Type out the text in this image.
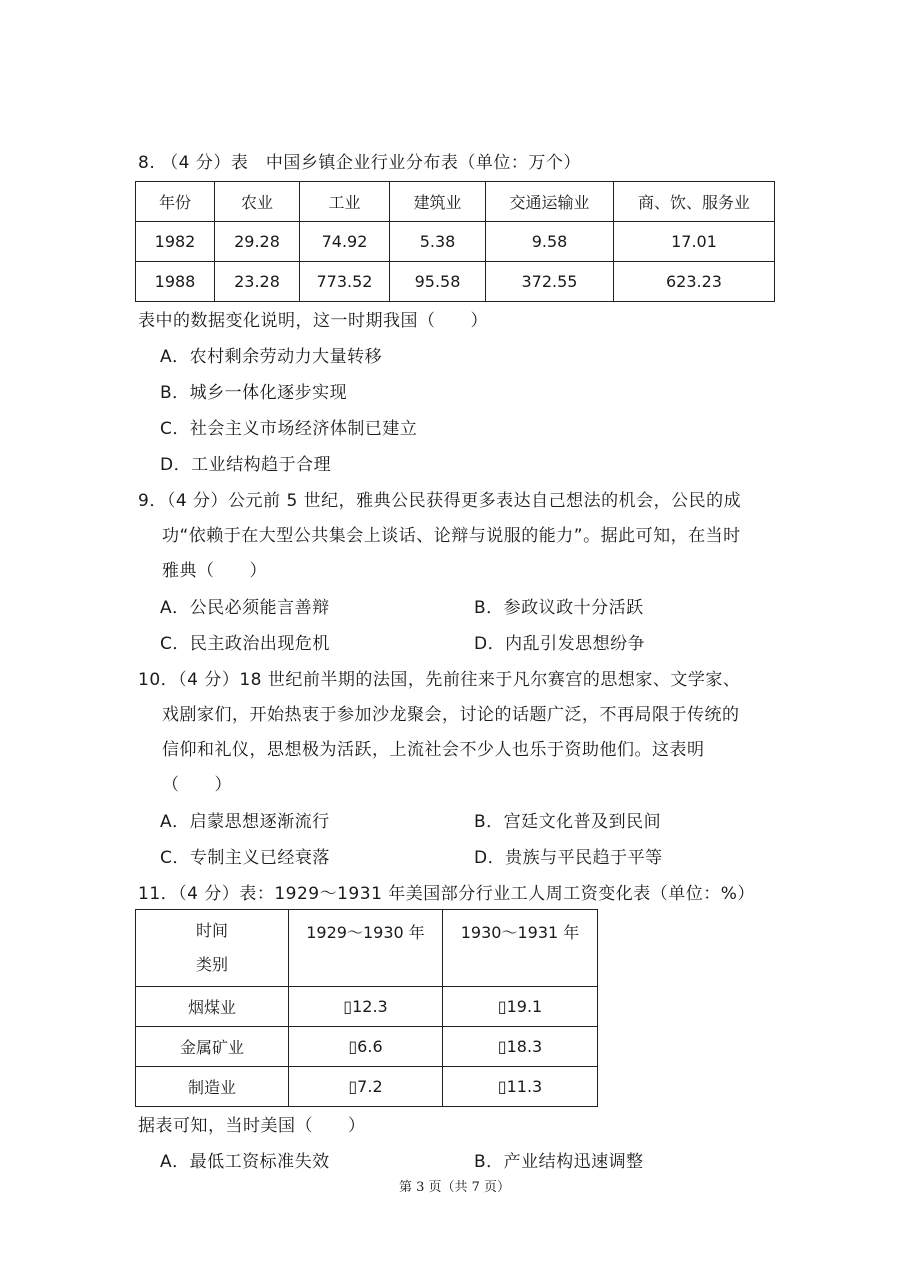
8. （4 分）表　中国乡镇企业行业分布表（单位：万个）
年份	农业	工业	建筑业	交通运输业	商、饮、服务业
1982	29.28	74.92	5.38	9.58	17.01
1988	23.28	773.52	95.58	372.55	623.23
表中的数据变化说明，这一时期我国（　　）
A．农村剩余劳动力大量转移
B．城乡一体化逐步实现
C．社会主义市场经济体制已建立
D．工业结构趋于合理
9．（4 分）公元前 5 世纪，雅典公民获得更多表达自己想法的机会，公民的成
功“依赖于在大型公共集会上谈话、论辩与说服的能力”。据此可知，在当时
雅典（　　）
A．公民必须能言善辩	B．参政议政十分活跃
C．民主政治出现危机	D．内乱引发思想纷争
10．（4 分）18 世纪前半期的法国，先前往来于凡尔赛宫的思想家、文学家、
戏剧家们，开始热衷于参加沙龙聚会，讨论的话题广泛，不再局限于传统的
信仰和礼仪，思想极为活跃，上流社会不少人也乐于资助他们。这表明
（　　）
A．启蒙思想逐渐流行	B．宫廷文化普及到民间
C．专制主义已经衰落	D．贵族与平民趋于平等
11．（4 分）表：1929～1931 年美国部分行业工人周工资变化表（单位：%）
时间
类别	1929～1930 年	1930～1931 年
烟煤业	▯12.3	▯19.1
金属矿业	▯6.6	▯18.3
制造业	▯7.2	▯11.3
据表可知，当时美国（　　）
A．最低工资标准失效	B．产业结构迅速调整
第 3 页（共 7 页）
